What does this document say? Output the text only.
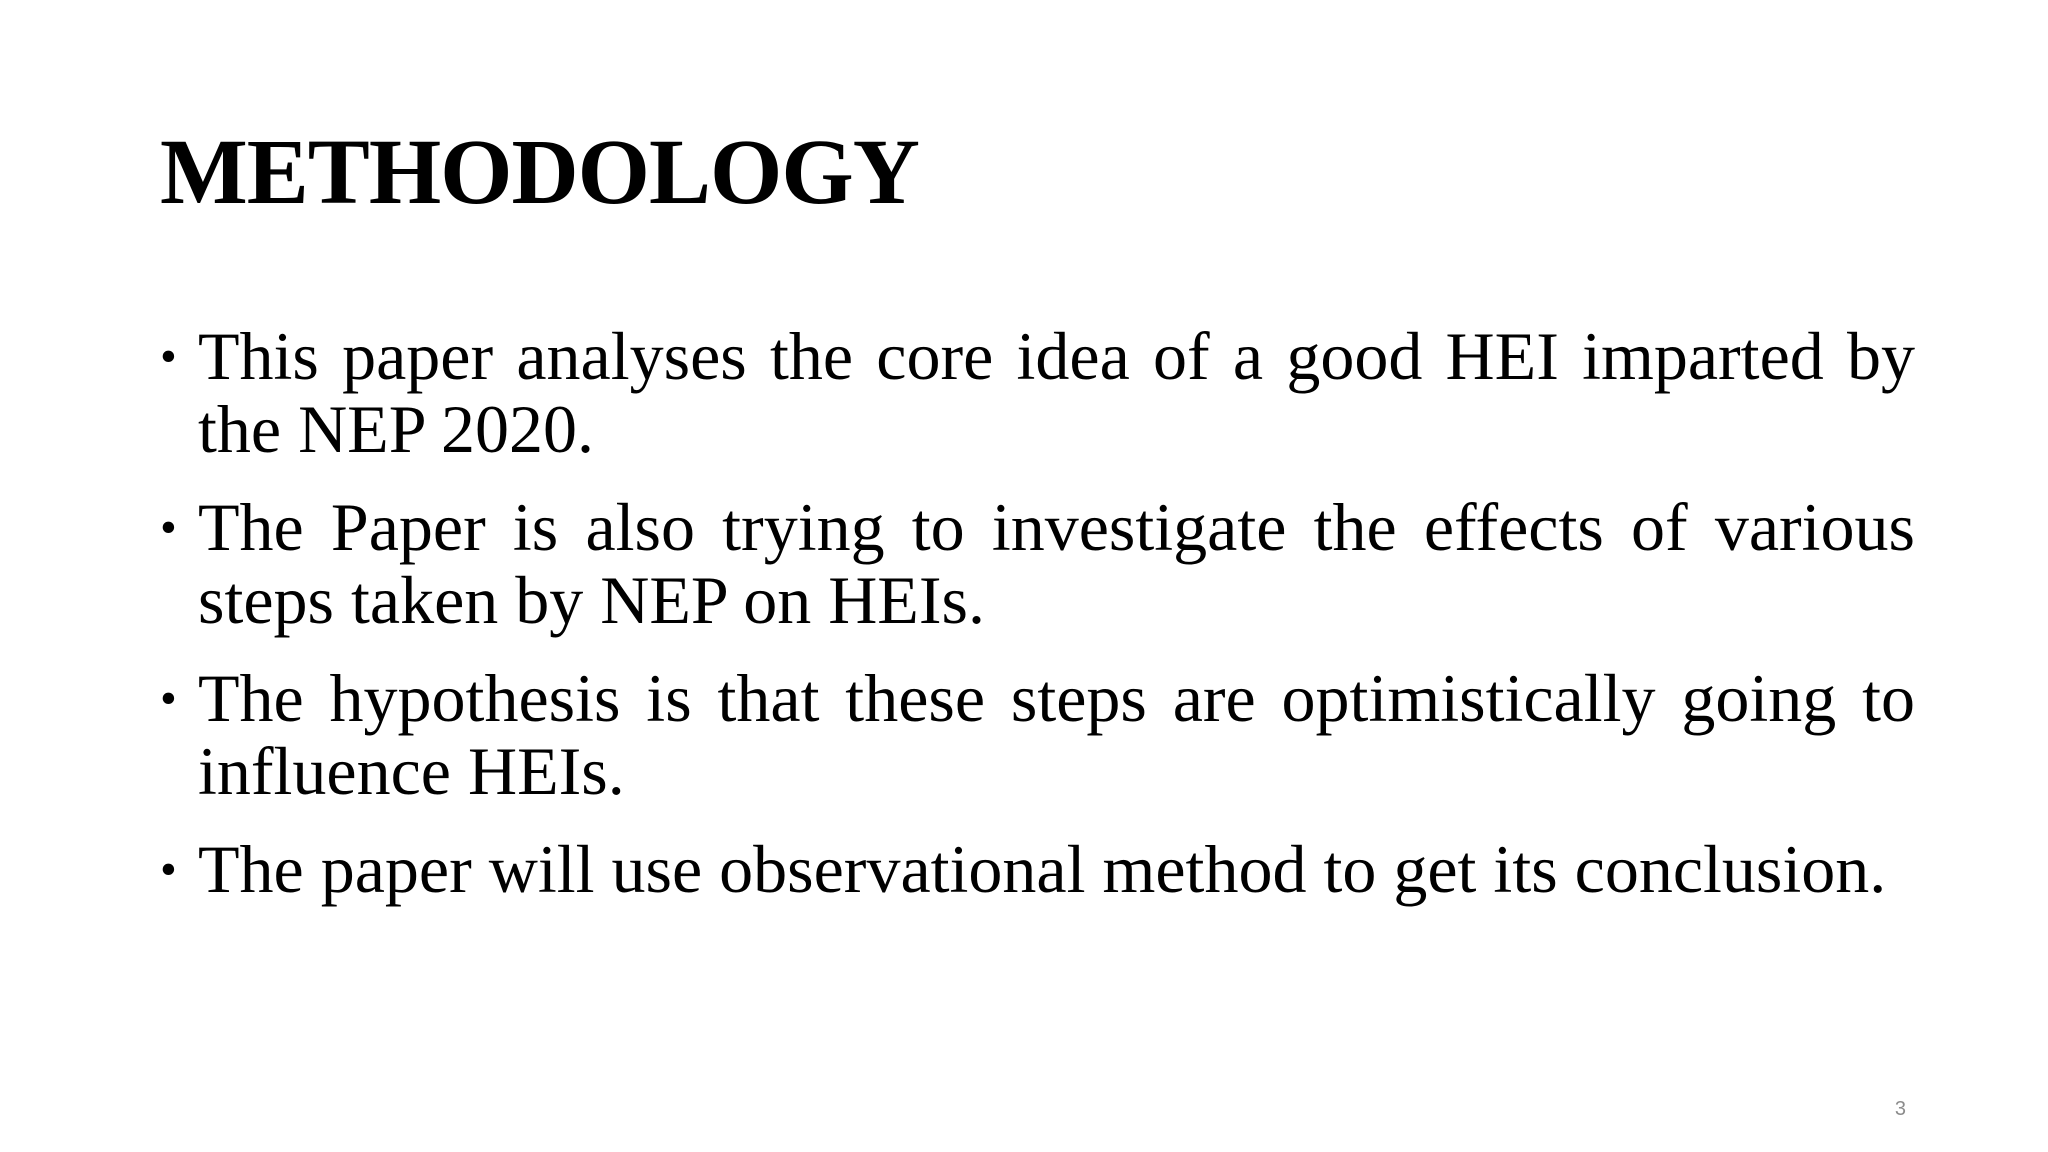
METHODOLOGY
• This paper analyses the core idea of a good HEI imparted by the NEP 2020.
• The Paper is also trying to investigate the effects of various steps taken by NEP on HEIs.
• The hypothesis is that these steps are optimistically going to influence HEIs.
• The paper will use observational method to get its conclusion.
3
